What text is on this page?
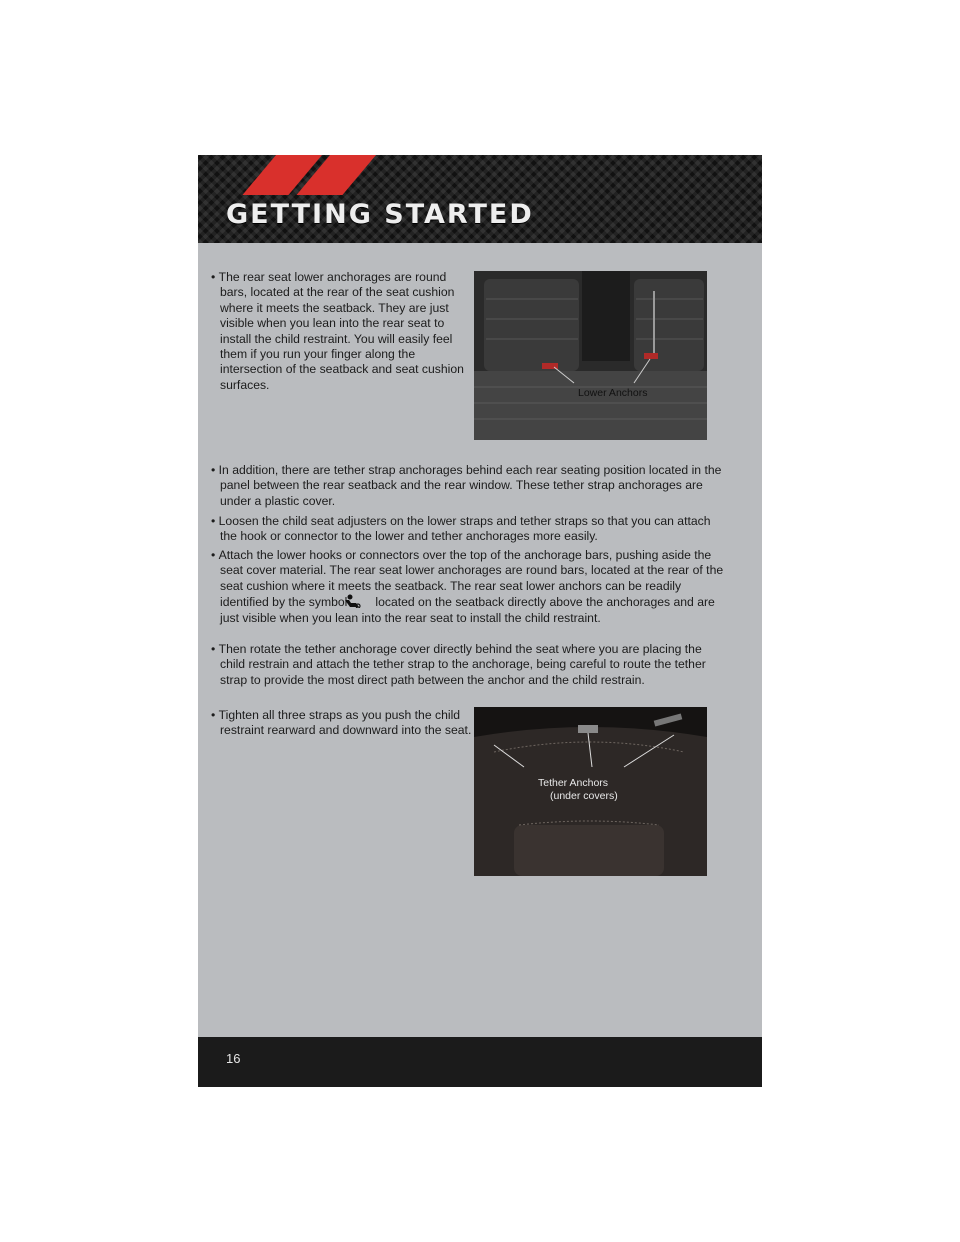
GETTING STARTED
• The rear seat lower anchorages are round bars, located at the rear of the seat cushion where it meets the seatback. They are just visible when you lean into the rear seat to install the child restraint. You will easily feel them if you run your finger along the intersection of the seatback and seat cushion surfaces.
Lower Anchors
• In addition, there are tether strap anchorages behind each rear seating position located in the panel between the rear seatback and the rear window. These tether strap anchorages are under a plastic cover.
• Loosen the child seat adjusters on the lower straps and tether straps so that you can attach the hook or connector to the lower and tether anchorages more easily.
• Attach the lower hooks or connectors over the top of the anchorage bars, pushing aside the seat cover material. The rear seat lower anchorages are round bars, located at the rear of the seat cushion where it meets the seatback. The rear seat lower anchors can be readily identified by the symbol located on the seatback directly above the anchorages and are just visible when you lean into the rear seat to install the child restraint.
• Then rotate the tether anchorage cover directly behind the seat where you are placing the child restrain and attach the tether strap to the anchorage, being careful to route the tether strap to provide the most direct path between the anchor and the child restrain.
• Tighten all three straps as you push the child restraint rearward and downward into the seat.
Tether Anchors
(under covers)
16
